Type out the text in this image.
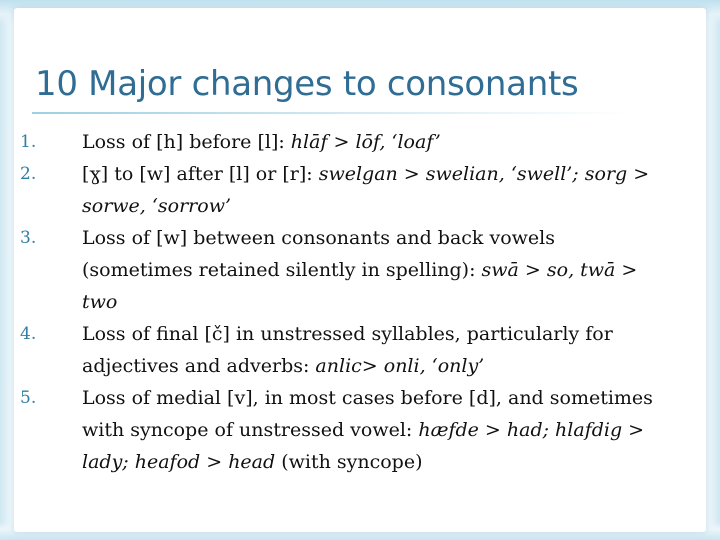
10 Major changes to consonants
1.	Loss of [h] before [l]: hlāf > lōf, ‘loaf’
2.	[ɣ] to [w] after [l] or [r]: swelgan > swelian, ‘swell’; sorg > sorwe, ‘sorrow’
3.	Loss of [w] between consonants and back vowels (sometimes retained silently in spelling): swā > so, twā > two
4.	Loss of final [č] in unstressed syllables, particularly for adjectives and adverbs: anlic> onli, ‘only’
5.	Loss of medial [v], in most cases before [d], and sometimes with syncope of unstressed vowel: hæfde > had; hlafdig > lady; heafod > head (with syncope)
